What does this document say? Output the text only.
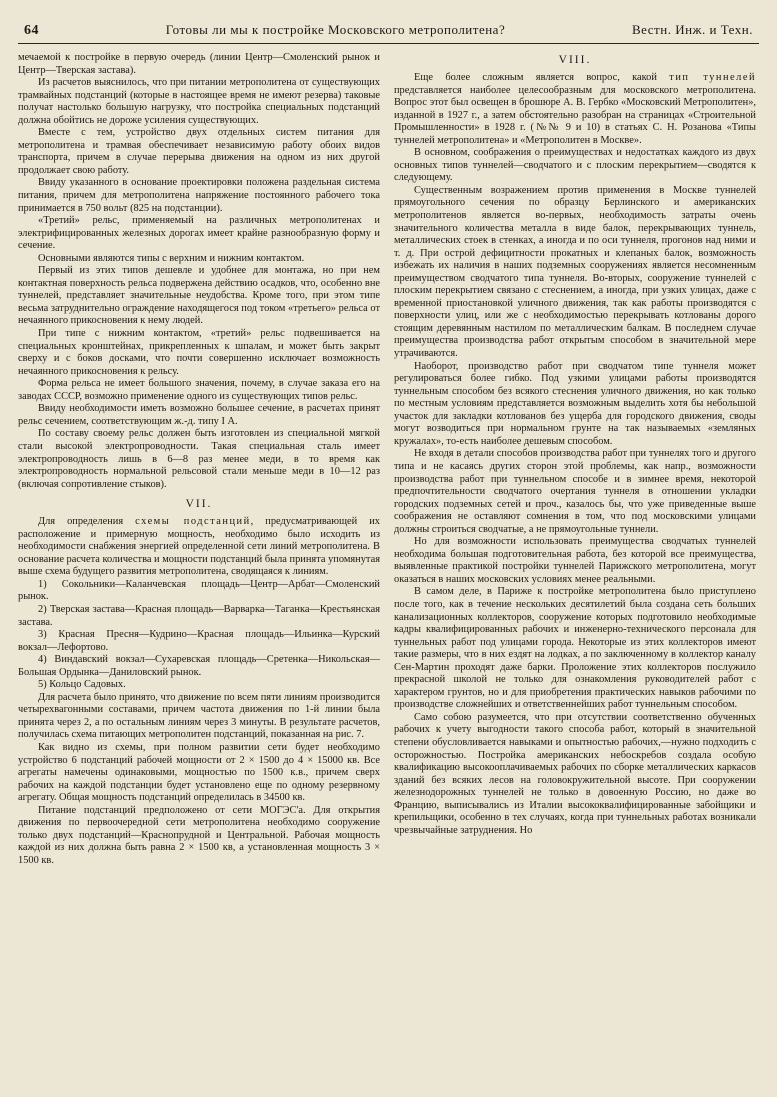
64	Готовы ли мы к постройке Московского метрополитена?	Вестн. Инж. и Техн.

мечаемой к постройке в первую очередь (линии Центр—Смоленский рынок и Центр—Тверская застава).

Из расчетов выяснилось, что при питании метрополитена от существующих трамвайных подстанций (которые в настоящее время не имеют резерва) таковые получат настолько большую нагрузку, что постройка специальных подстанций должна обойтись не дороже усиления существующих.

Вместе с тем, устройство двух отдельных систем питания для метрополитена и трамвая обеспечивает независимую работу обоих видов транспорта, причем в случае перерыва движения на одном из них другой продолжает свою работу.

Ввиду указанного в основание проектировки положена раздельная система питания, причем для метрополитена напряжение постоянного рабочего тока принимается в 750 вольт (825 на подстанции).

«Третий» рельс, применяемый на различных метрополитенах и электрифицированных железных дорогах имеет крайне разнообразную форму и сечение.

Основными являются типы с верхним и нижним контактом.

Первый из этих типов дешевле и удобнее для монтажа, но при нем контактная поверхность рельса подвержена действию осадков, что, особенно вне туннелей, представляет значительные неудобства. Кроме того, при этом типе весьма затруднительно ограждение находящегося под током «третьего» рельса от нечаянного прикосновения к нему людей.

При типе с нижним контактом, «третий» рельс подвешивается на специальных кронштейнах, прикрепленных к шпалам, и может быть закрыт сверху и с боков досками, что почти совершенно исключает возможность нечаянного прикосновения к рельсу.

Форма рельса не имеет большого значения, почему, в случае заказа его на заводах СССР, возможно применение одного из существующих типов рельс.

Ввиду необходимости иметь возможно большее сечение, в расчетах принят рельс сечением, соответствующим ж.-д. типу I А.

По составу своему рельс должен быть изготовлен из специальной мягкой стали высокой электропроводности. Такая специальная сталь имеет электропроводность лишь в 6—8 раз менее меди, в то время как электропроводность нормальной рельсовой стали меньше меди в 10—12 раз (включая сопротивление стыков).

VII.

Для определения схемы подстанций, предусматривающей их расположение и примерную мощность, необходимо было исходить из необходимости снабжения энергией определенной сети линий метрополитена. В основание расчета количества и мощности подстанций была принята упомянутая выше схема будущего развития метрополитена, сводящаяся к линиям.

1) Сокольники—Каланчевская площадь—Центр—Арбат—Смоленский рынок.

2) Тверская застава—Красная площадь—Варварка—Таганка—Крестьянская застава.

3) Красная Пресня—Кудрино—Красная площадь—Ильинка—Курский вокзал—Лефортово.

4) Виндавский вокзал—Сухаревская площадь—Сретенка—Никольская—Большая Ордынка—Даниловский рынок.

5) Кольцо Садовых.

Для расчета было принято, что движение по всем пяти линиям производится четырехвагонными составами, причем частота движения по 1-й линии была принята через 2, а по остальным линиям через 3 минуты. В результате расчетов, получилась схема питающих метрополитен подстанций, показанная на рис. 7.

Как видно из схемы, при полном развитии сети будет необходимо устройство 6 подстанций рабочей мощности от 2 × 1500 до 4 × 15000 кв. Все агрегаты намечены одинаковыми, мощностью по 1500 к.в., причем сверх рабочих на каждой подстанции будет установлено еще по одному резервному агрегату. Общая мощность подстанций определилась в 34500 кв.

Питание подстанций предположено от сети МОГЭС'а. Для открытия движения по первоочередной сети метрополитена необходимо сооружение только двух подстанций—Краснопрудной и Центральной. Рабочая мощность каждой из них должна быть равна 2 × 1500 кв, а установленная мощность 3 × 1500 кв.

VIII.

Еще более сложным является вопрос, какой тип туннелей представляется наиболее целесообразным для московского метрополитена. Вопрос этот был освещен в брошюре А. В. Гербко «Московский Метрополитен», изданной в 1927 г., а затем обстоятельно разобран на страницах «Строительной Промышленности» в 1928 г. (№№ 9 и 10) в статьях С. Н. Розанова «Типы туннелей метрополитена» и «Метрополитен в Москве».

В основном, соображения о преимуществах и недостатках каждого из двух основных типов туннелей—сводчатого и с плоским перекрытием—сводятся к следующему.

Существенным возражением против применения в Москве туннелей прямоугольного сечения по образцу Берлинского и американских метрополитенов является во-первых, необходимость затраты очень значительного количества металла в виде балок, перекрывающих туннель, металлических стоек в стенках, а иногда и по оси туннеля, прогонов над ними и т. д. При острой дефицитности прокатных и клепаных балок, возможность избежать их наличия в наших подземных сооружениях является несомненным преимуществом сводчатого типа туннеля. Во-вторых, сооружение туннелей с плоским перекрытием связано с стеснением, а иногда, при узких улицах, даже с временной приостановкой уличного движения, так как работы производятся с поверхности улиц, или же с необходимостью перекрывать котлованы дорого стоящим деревянным настилом по металлическим балкам. В последнем случае преимущества производства работ открытым способом в значительной мере утрачиваются.

Наоборот, производство работ при сводчатом типе туннеля может регулироваться более гибко. Под узкими улицами работы производятся туннельным способом без всякого стеснения уличного движения, но как только по местным условиям представляется возможным выделить хотя бы небольшой участок для закладки котлованов без ущерба для городского движения, своды могут возводиться при нормальном грунте на так называемых «земляных кружалах», то-есть наиболее дешевым способом.

Не входя в детали способов производства работ при туннелях того и другого типа и не касаясь других сторон этой проблемы, как напр., возможности производства работ при туннельном способе и в зимнее время, некоторой предпочтительности сводчатого очертания туннеля в отношении укладки городских подземных сетей и проч., казалось бы, что уже приведенные выше соображения не оставляют сомнения в том, что под московскими улицами должны строиться сводчатые, а не прямоугольные туннели.

Но для возможности использовать преимущества сводчатых туннелей необходима большая подготовительная работа, без которой все преимущества, выявленные практикой постройки туннелей Парижского метрополитена, могут оказаться в наших московских условиях менее реальными.

В самом деле, в Париже к постройке метрополитена было приступлено после того, как в течение нескольких десятилетий была создана сеть больших канализационных коллекторов, сооружение которых подготовило необходимые кадры квалифицированных рабочих и инженерно-технического персонала для туннельных работ под улицами города. Некоторые из этих коллекторов имеют такие размеры, что в них ездят на лодках, а по заключенному в коллектор каналу Сен-Мартин проходят даже барки. Проложение этих коллекторов послужило прекрасной школой не только для ознакомления руководителей работ с характером грунтов, но и для приобретения практических навыков рабочими по производстве сложнейших и ответственнейших работ туннельным способом.

Само собою разумеется, что при отсутствии соответственно обученных рабочих к учету выгодности такого способа работ, который в значительной степени обусловливается навыками и опытностью рабочих,—нужно подходить с осторожностью. Постройка американских небоскребов создала особую квалификацию высокооплачиваемых рабочих по сборке металлических каркасов зданий без всяких лесов на головокружительной высоте. При сооружении железнодорожных туннелей не только в довоенную Россию, но даже во Францию, выписывались из Италии высококвалифицированные забойщики и крепильщики, особенно в тех случаях, когда при туннельных работах возникали чрезвычайные затруднения. Но
